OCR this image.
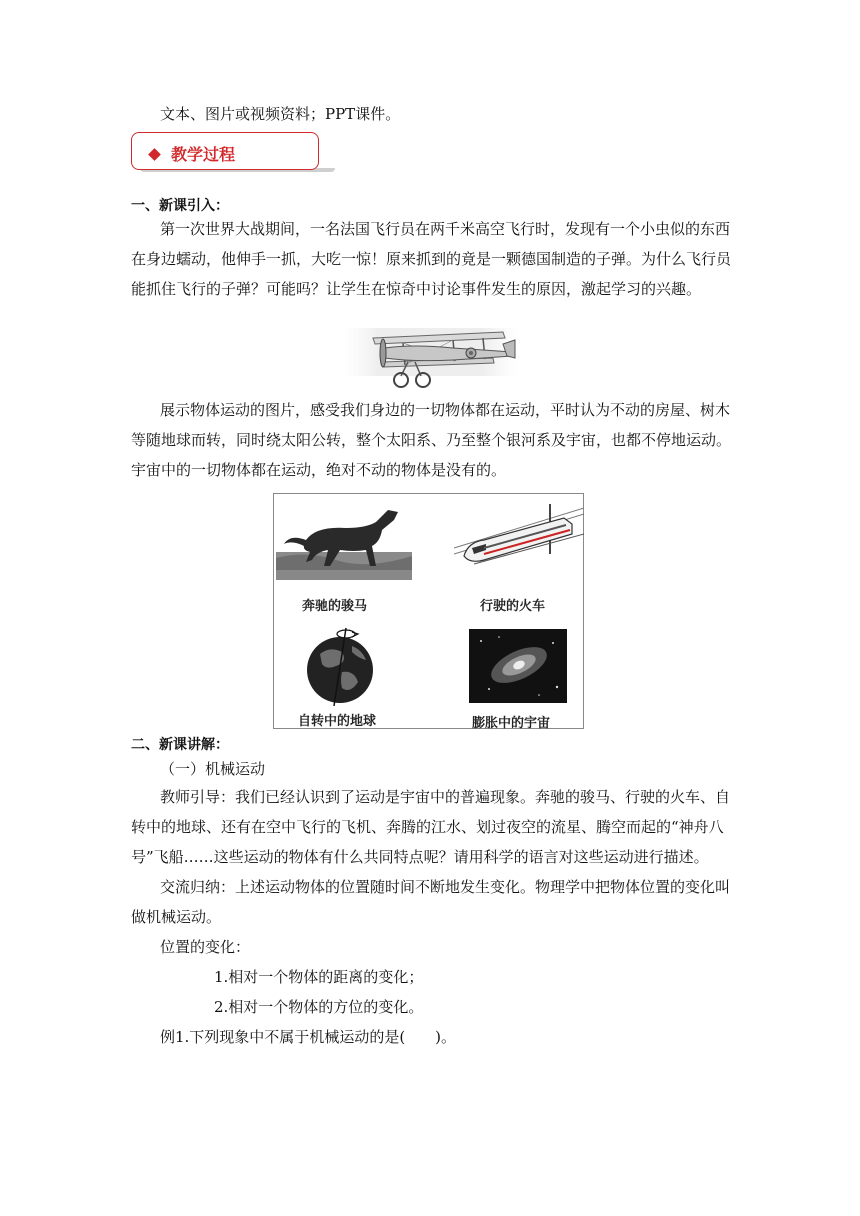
文本、图片或视频资料；PPT课件。
教学过程
一、新课引入：
第一次世界大战期间，一名法国飞行员在两千米高空飞行时，发现有一个小虫似的东西
在身边蠕动，他伸手一抓，大吃一惊！原来抓到的竟是一颗德国制造的子弹。为什么飞行员
能抓住飞行的子弹？可能吗？让学生在惊奇中讨论事件发生的原因，激起学习的兴趣。
展示物体运动的图片，感受我们身边的一切物体都在运动，平时认为不动的房屋、树木
等随地球而转，同时绕太阳公转，整个太阳系、乃至整个银河系及宇宙，也都不停地运动。
宇宙中的一切物体都在运动，绝对不动的物体是没有的。
奔驰的骏马	行驶的火车
自转中的地球	膨胀中的宇宙
二、新课讲解：
（一）机械运动
教师引导：我们已经认识到了运动是宇宙中的普遍现象。奔驰的骏马、行驶的火车、自
转中的地球、还有在空中飞行的飞机、奔腾的江水、划过夜空的流星、腾空而起的“神舟八
号”飞船……这些运动的物体有什么共同特点呢？请用科学的语言对这些运动进行描述。
交流归纳：上述运动物体的位置随时间不断地发生变化。物理学中把物体位置的变化叫
做机械运动。
位置的变化：
1.相对一个物体的距离的变化；
2.相对一个物体的方位的变化。
例1.下列现象中不属于机械运动的是(　　)。
